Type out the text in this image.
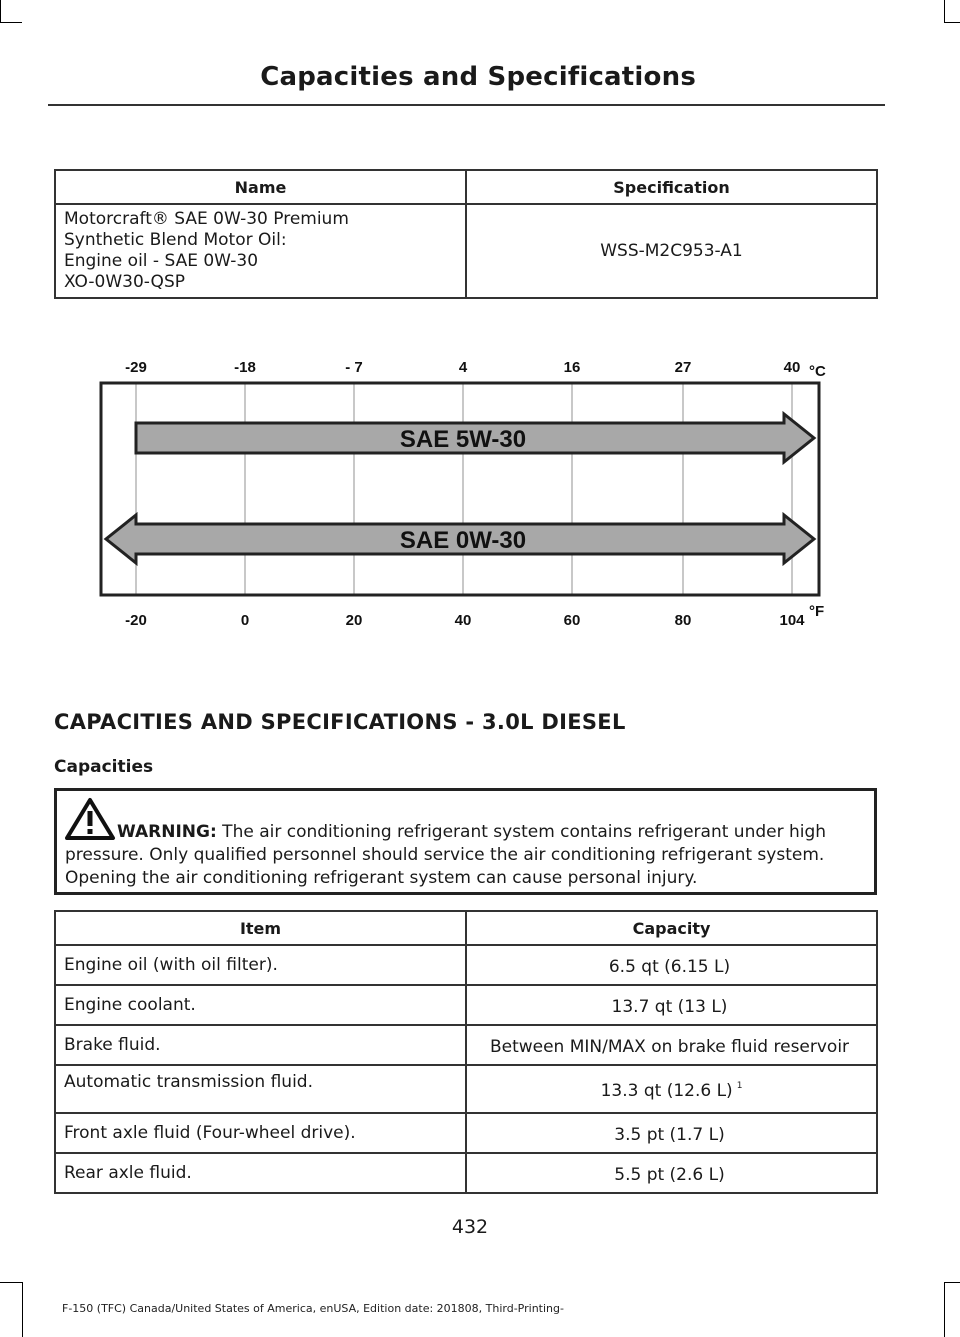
Capacities and Specifications
Name	Specification

Motorcraft® SAE 0W-30 Premium
Synthetic Blend Motor Oil:
Engine oil - SAE 0W-30
XO-0W30-QSP	WSS-M2C953-A1
SAE 5W-30
SAE 0W-30
-20	0	20	40	60	80	104
-29	-18	- 7	4	16	27	40 °C
°F
CAPACITIES AND SPECIFICATIONS - 3.0L DIESEL
Capacities
WARNING: The air conditioning refrigerant system contains refrigerant under high pressure. Only qualified personnel should service the air conditioning refrigerant system. Opening the air conditioning refrigerant system can cause personal injury.
Item	Capacity
Engine oil (with oil filter).	6.5 qt (6.15 L)
Engine coolant.	13.7 qt (13 L)
Brake fluid.	Between MIN/MAX on brake fluid reservoir
Automatic transmission fluid.	13.3 qt (12.6 L) $^1$
Front axle fluid (Four-wheel drive).	3.5 pt (1.7 L)
Rear axle fluid.	5.5 pt (2.6 L)
432
F-150 (TFC) Canada/United States of America, enUSA, Edition date: 201808, Third-Printing-
